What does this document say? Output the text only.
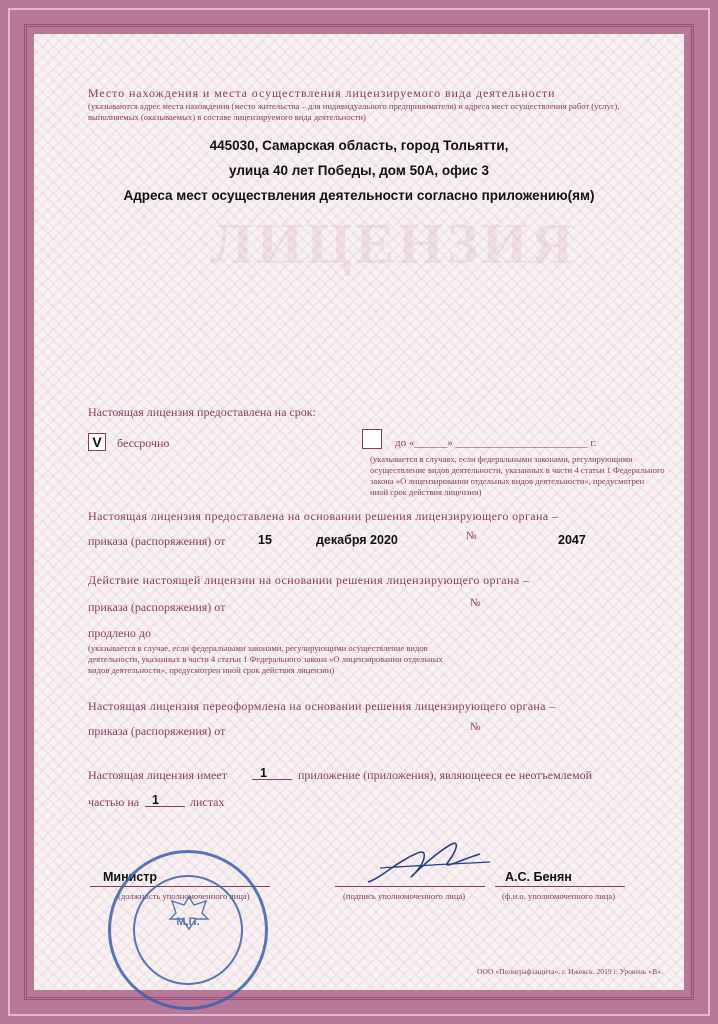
ЛИЦЕНЗИЯ
Место нахождения и места осуществления лицензируемого вида деятельности
(указываются адрес места нахождения (место жительства – для индивидуального предпринимателя) и адреса мест осуществления работ (услуг),
выполняемых (оказываемых) в составе лицензируемого вида деятельности)
445030, Самарская область, город Тольятти,
улица 40 лет Победы, дом 50А, офис 3
Адреса мест осуществления деятельности согласно приложению(ям)
Настоящая лицензия предоставлена на срок:
V	бессрочно	до «______» ________________________ г.
(указывается в случаях, если федеральными законами, регулирующими
осуществление видов деятельности, указанных в части 4 статьи 1 Федерального
закона «О лицензировании отдельных видов деятельности», предусмотрен
иной срок действия лицензии)
Настоящая лицензия предоставлена на основании решения лицензирующего органа –
приказа (распоряжения) от	15	декабря 2020	№	2047
Действие настоящей лицензии на основании решения лицензирующего органа –
приказа (распоряжения) от	№
продлено до
(указывается в случае, если федеральными законами, регулирующими осуществление видов
деятельности, указанных в части 4 статьи 1 Федерального закона «О лицензировании отдельных
видов деятельности», предусмотрен иной срок действия лицензии)
Настоящая лицензия переоформлена на основании решения лицензирующего органа –
приказа (распоряжения) от	№
Настоящая лицензия имеет	1	приложение (приложения), являющееся ее неотъемлемой
частью на 1	листах
Министр
(должность уполномоченного лица)	(подпись уполномоченного лица)
А.С. Бенян
(ф.и.о. уполномоченного лица)
М.П.
ООО «Полиграфзащита», г. Ижевск. 2019 г. Уровень «В».
